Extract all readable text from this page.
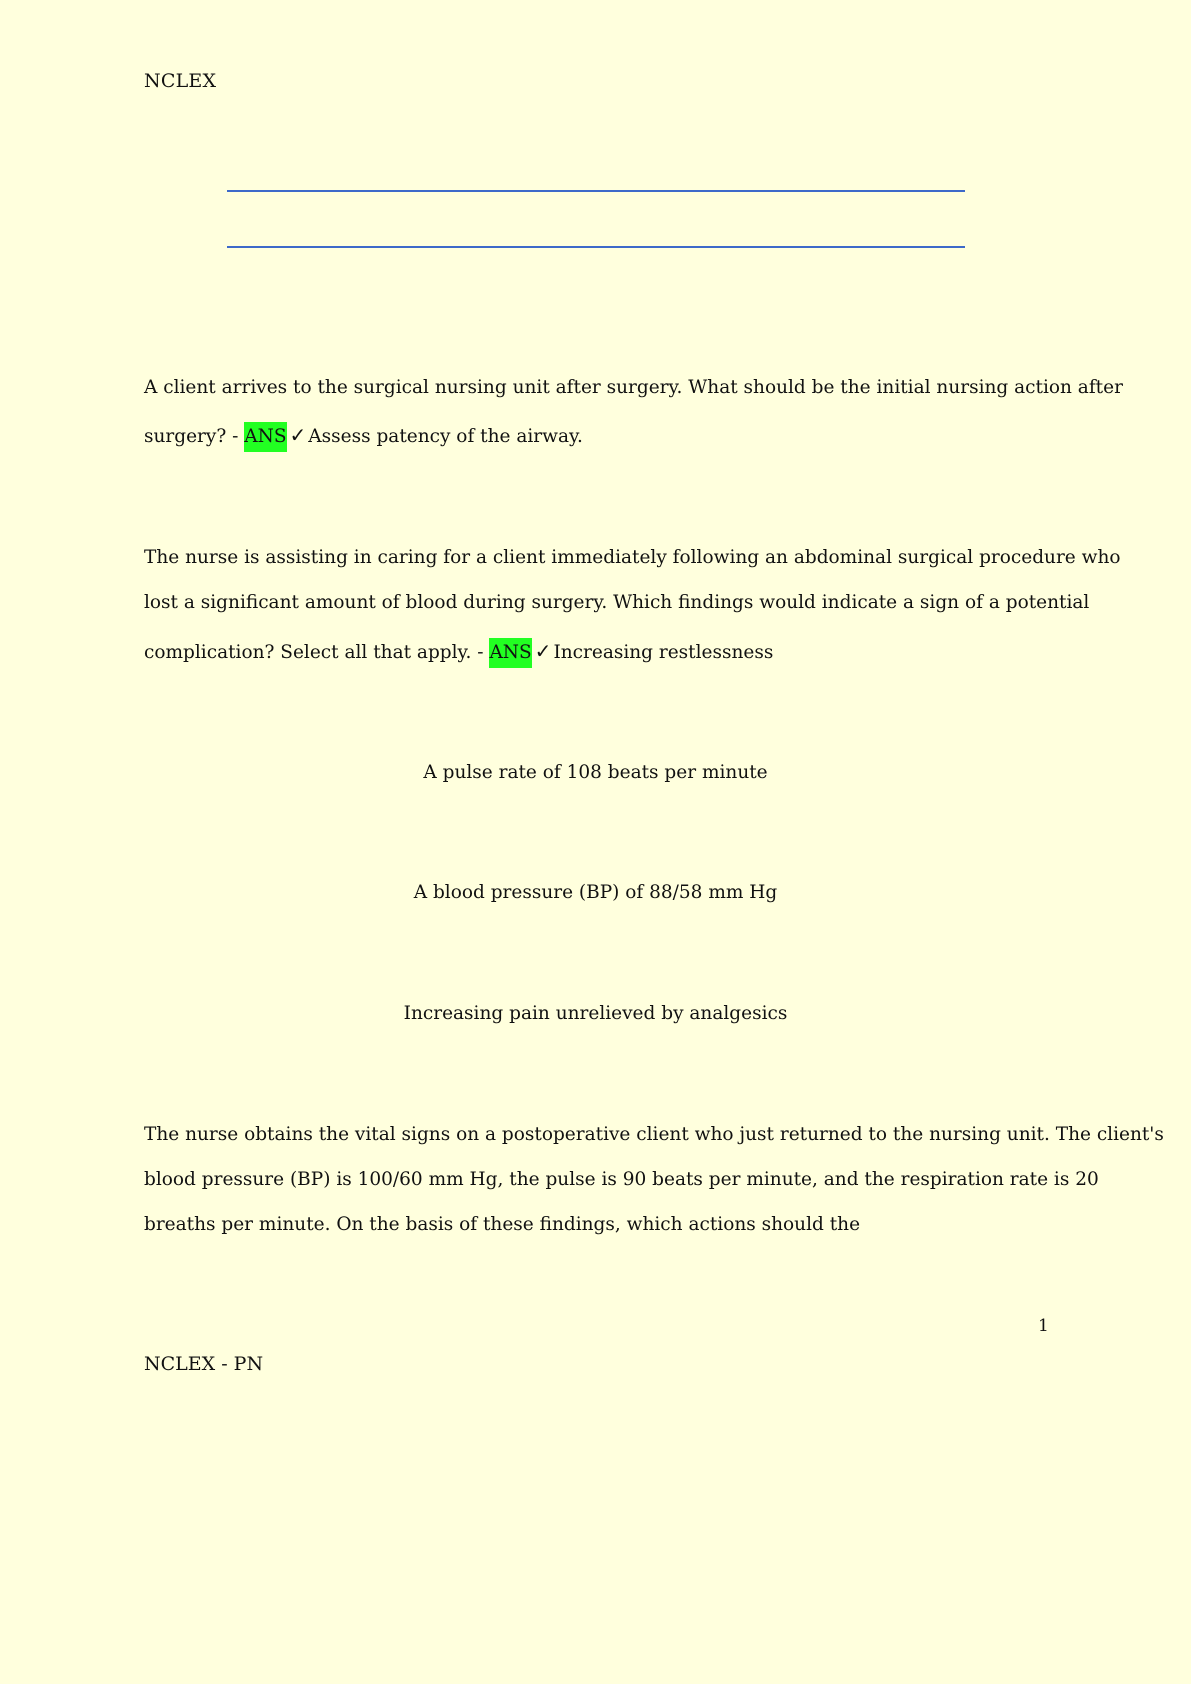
NCLEX
A client arrives to the surgical nursing unit after surgery. What should be the initial nursing action after
surgery? - ANS ✓ Assess patency of the airway.
The nurse is assisting in caring for a client immediately following an abdominal surgical procedure who
lost a significant amount of blood during surgery. Which findings would indicate a sign of a potential
complication? Select all that apply. - ANS ✓ Increasing restlessness
A pulse rate of 108 beats per minute
A blood pressure (BP) of 88/58 mm Hg
Increasing pain unrelieved by analgesics
The nurse obtains the vital signs on a postoperative client who just returned to the nursing unit. The client's
blood pressure (BP) is 100/60 mm Hg, the pulse is 90 beats per minute, and the respiration rate is 20
breaths per minute. On the basis of these findings, which actions should the
1
NCLEX - PN
